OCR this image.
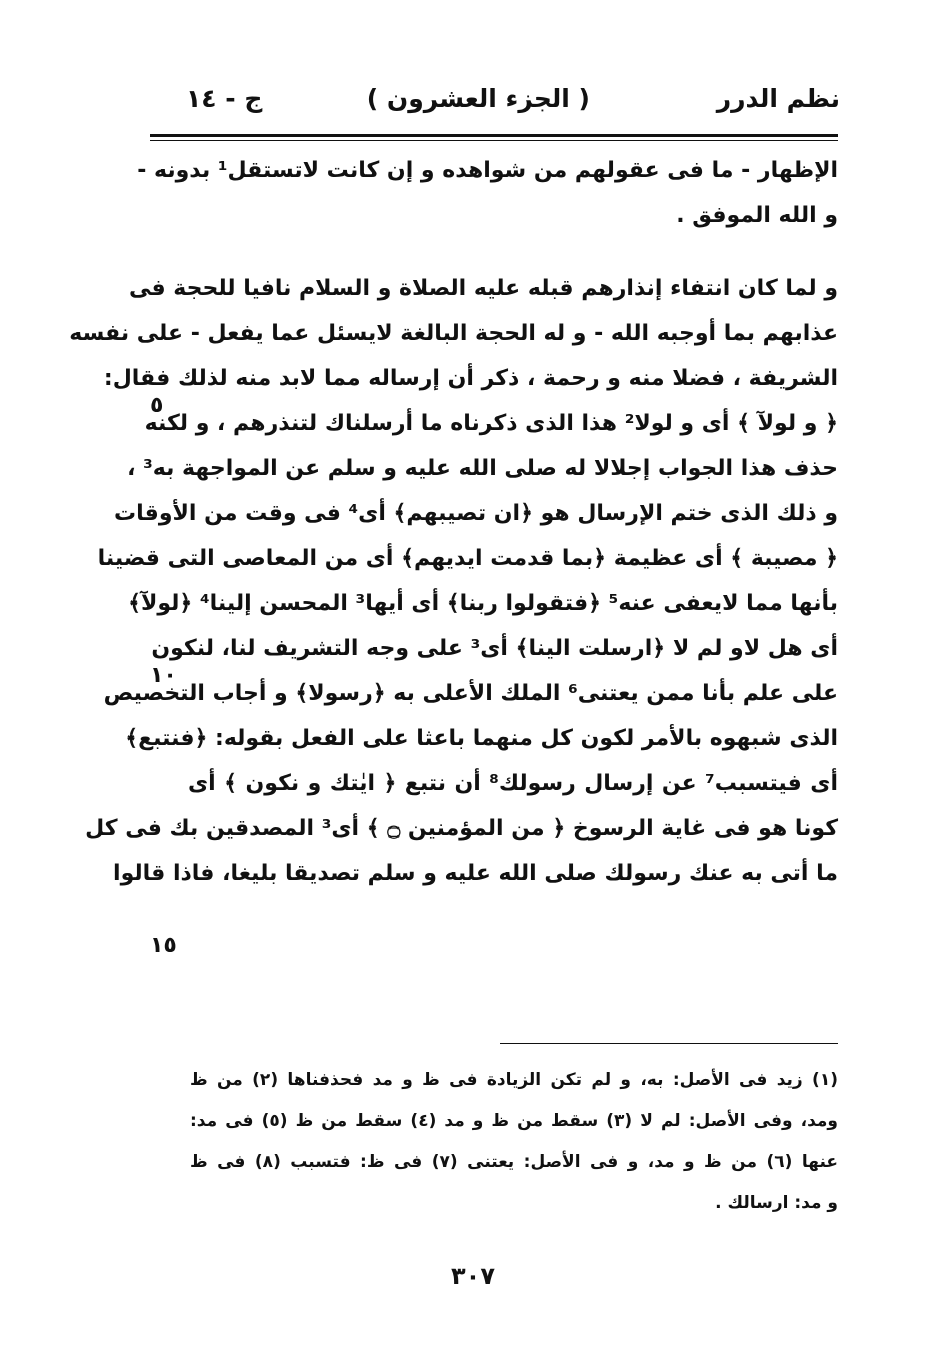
نظم الدرر
( الجزء العشرون )
ج - ١٤
الإظهار - ما فى عقولهم من شواهده و إن كانت لاتستقل¹ بدونه -
و الله الموفق .
و لما كان انتفاء إنذارهم قبله عليه الصلاة و السلام نافيا للحجة فى
عذابهم بما أوجبه الله - و له الحجة البالغة لايسئل عما يفعل - على نفسه
الشريفة ، فضلا منه و رحمة ، ذكر أن إرساله مما لابد منه لذلك فقال:
﴿ و لولآ ﴾ أى و لولا² هذا الذى ذكرناه ما أرسلناك لتنذرهم ، و لكنه
حذف هذا الجواب إجلالا له صلى الله عليه و سلم عن المواجهة به³ ،
و ذلك الذى ختم الإرسال هو ﴿ان تصيبهم﴾ أى⁴ فى وقت من الأوقات
﴿ مصيبة ﴾ أى عظيمة ﴿بما قدمت ايديهم﴾ أى من المعاصى التى قضينا
بأنها مما لايعفى عنه⁵ ﴿فتقولوا ربنا﴾ أى أيها³ المحسن إلينا⁴ ﴿لولآ﴾
أى هل لاو لم لا ﴿ارسلت الينا﴾ أى³ على وجه التشريف لنا، لنكون
على علم بأنا ممن يعتنى⁶ الملك الأعلى به ﴿رسولا﴾ و أجاب التخصيص
الذى شبهوه بالأمر لكون كل منهما باعثا على الفعل بقوله: ﴿فنتبع﴾
أى فيتسبب⁷ عن إرسال رسولك⁸ أن نتبع ﴿ ايٰتك و نكون ﴾ أى
كونا هو فى غاية الرسوخ ﴿ من المؤمنين ۝ ﴾ أى³ المصدقين بك فى كل
ما أتى به عنك رسولك صلى الله عليه و سلم تصديقا بليغا، فاذا قالوا
٥
١٠
١٥
(١) زيد فى الأصل: به، و لم تكن الزيادة فى ظ و مد فحذفناها (٢) من ظ
ومد، وفى الأصل: لم لا (٣) سقط من ظ و مد (٤) سقط من ظ (٥) فى مد:
عنها (٦) من ظ و مد، و فى الأصل: يعتنى (٧) فى ظ: فتسبب (٨) فى ظ
و مد: ارسالك .
٣٠٧
